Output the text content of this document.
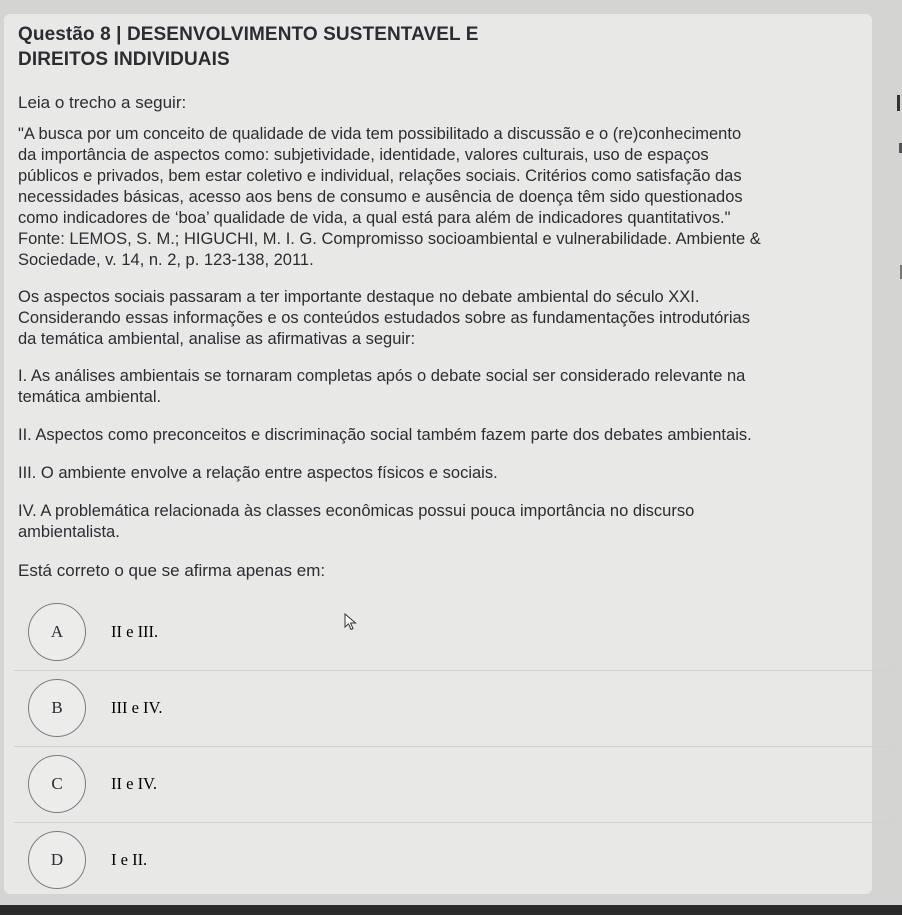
Questão 8 | DESENVOLVIMENTO SUSTENTAVEL E
DIREITOS INDIVIDUAIS
Leia o trecho a seguir:
"A busca por um conceito de qualidade de vida tem possibilitado a discussão e o (re)conhecimento
da importância de aspectos como: subjetividade, identidade, valores culturais, uso de espaços
públicos e privados, bem estar coletivo e individual, relações sociais. Critérios como satisfação das
necessidades básicas, acesso aos bens de consumo e ausência de doença têm sido questionados
como indicadores de ‘boa’ qualidade de vida, a qual está para além de indicadores quantitativos."
Fonte: LEMOS, S. M.; HIGUCHI, M. I. G. Compromisso socioambiental e vulnerabilidade. Ambiente &
Sociedade, v. 14, n. 2, p. 123-138, 2011.
Os aspectos sociais passaram a ter importante destaque no debate ambiental do século XXI.
Considerando essas informações e os conteúdos estudados sobre as fundamentações introdutórias
da temática ambiental, analise as afirmativas a seguir:
I. As análises ambientais se tornaram completas após o debate social ser considerado relevante na
temática ambiental.
II. Aspectos como preconceitos e discriminação social também fazem parte dos debates ambientais.
III. O ambiente envolve a relação entre aspectos físicos e sociais.
IV. A problemática relacionada às classes econômicas possui pouca importância no discurso
ambientalista.
Está correto o que se afirma apenas em:
A	II e III.
B	III e IV.
C	II e IV.
D	I e II.
